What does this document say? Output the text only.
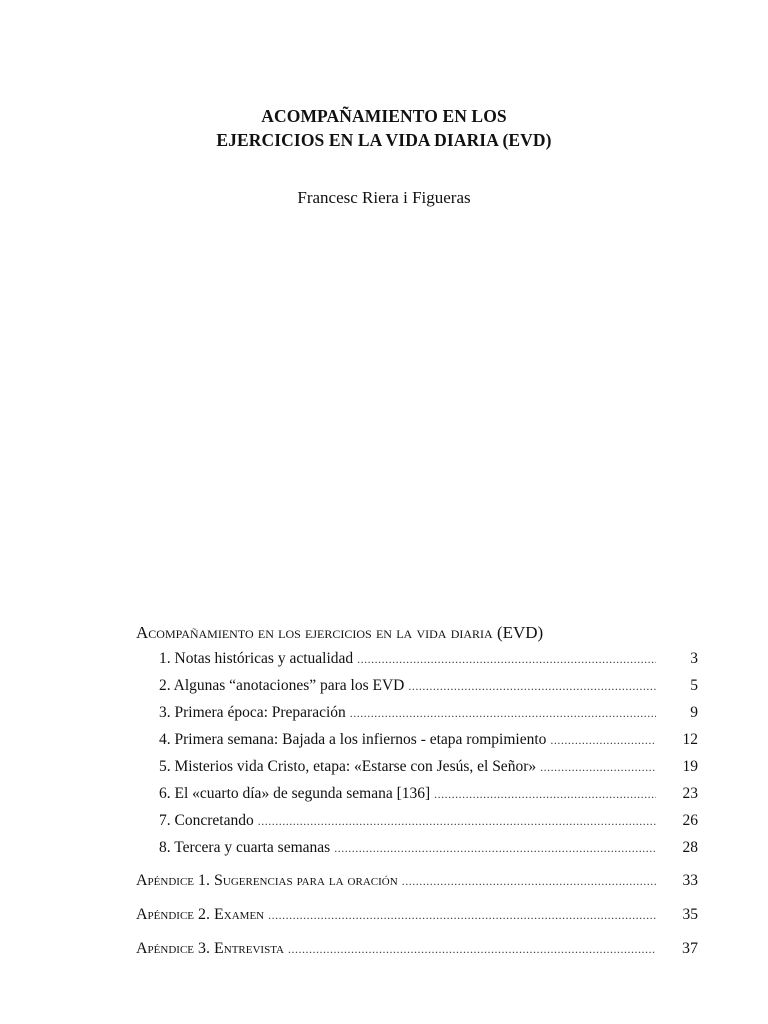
ACOMPAÑAMIENTO EN LOS
EJERCICIOS EN LA VIDA DIARIA (EVD)
Francesc Riera i Figueras
Acompañamiento en los ejercicios en la vida diaria (EVD)
1. Notas históricas y actualidad .....	3
2. Algunas “anotaciones” para los EVD .....	5
3. Primera época: Preparación .....	9
4. Primera semana: Bajada a los infiernos - etapa rompimiento .....	12
5. Misterios vida Cristo, etapa: «Estarse con Jesús, el Señor» .....	19
6. El «cuarto día» de segunda semana [136] .....	23
7. Concretando .....	26
8. Tercera y cuarta semanas .....	28
Apéndice 1. Sugerencias para la oración .....	33
Apéndice 2. Examen .....	35
Apéndice 3. Entrevista .....	37
